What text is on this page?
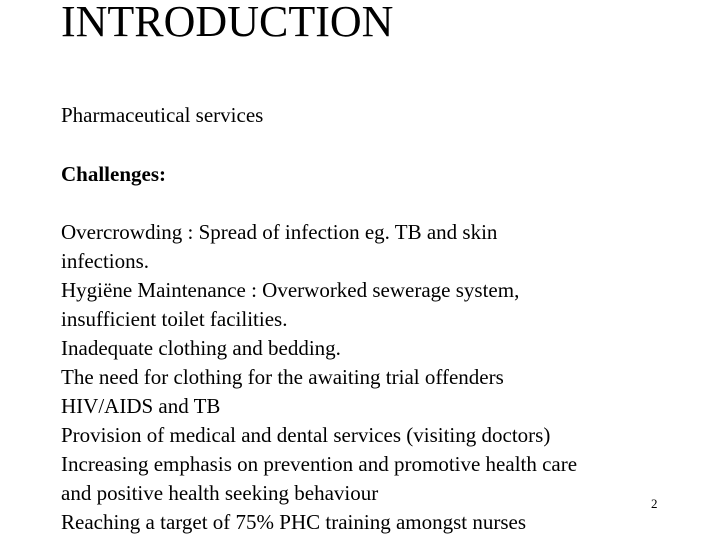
INTRODUCTION
Pharmaceutical services
Challenges:
Overcrowding : Spread of infection eg. TB and skin
infections.
Hygiëne Maintenance : Overworked sewerage system,
insufficient toilet facilities.
Inadequate clothing and bedding.
The need for clothing for the awaiting trial offenders
HIV/AIDS and TB
Provision of medical and dental services (visiting doctors)
Increasing emphasis on prevention and promotive health care
and positive health seeking behaviour
Reaching a target of 75% PHC training amongst nurses
2
